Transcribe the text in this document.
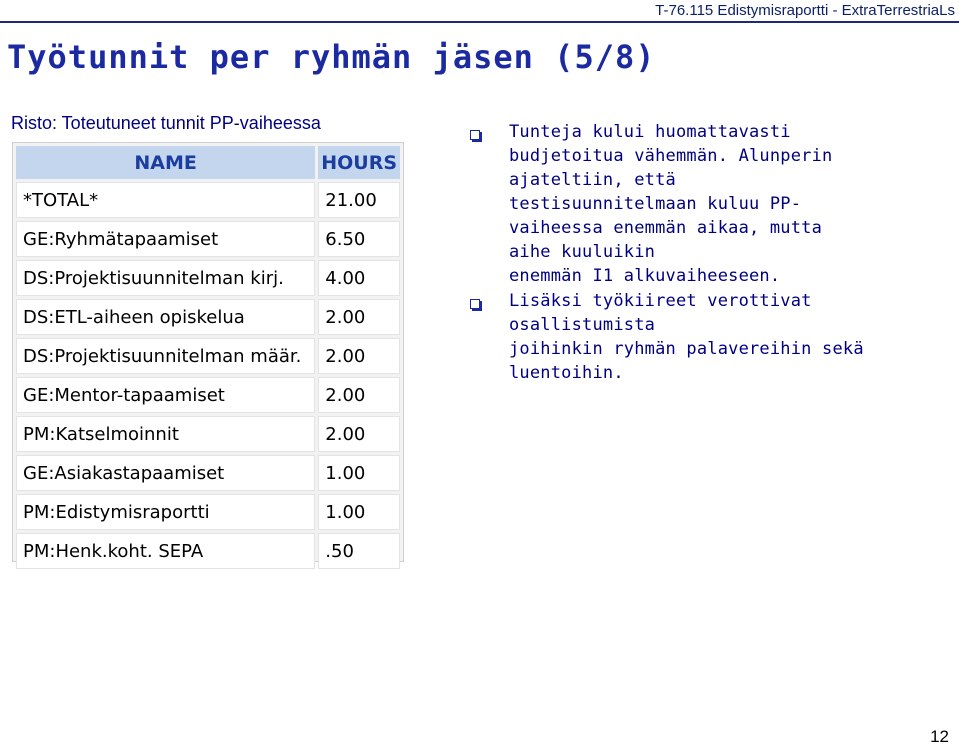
T-76.115 Edistymisraportti - ExtraTerrestriaLs
Työtunnit per ryhmän jäsen (5/8)
Risto: Toteutuneet tunnit PP-vaiheessa
NAME	HOURS
*TOTAL*	21.00
GE:Ryhmätapaamiset	6.50
DS:Projektisuunnitelman kirj.	4.00
DS:ETL-aiheen opiskelua	2.00
DS:Projektisuunnitelman määr.	2.00
GE:Mentor-tapaamiset	2.00
PM:Katselmoinnit	2.00
GE:Asiakastapaamiset	1.00
PM:Edistymisraportti	1.00
PM:Henk.koht. SEPA	.50
Tunteja kului huomattavasti
budjetoitua vähemmän. Alunperin
ajateltiin, että
testisuunnitelmaan kuluu PP-
vaiheessa enemmän aikaa, mutta
aihe kuuluikin
enemmän I1 alkuvaiheeseen.
Lisäksi työkiireet verottivat
osallistumista
joihinkin ryhmän palavereihin sekä
luentoihin.
12
